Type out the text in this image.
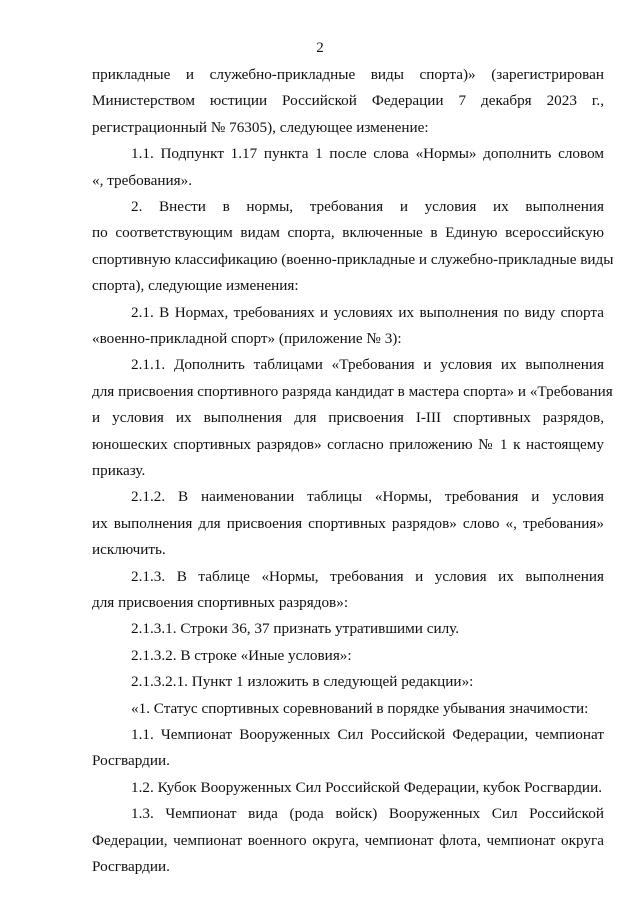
2
прикладные и служебно-прикладные виды спорта)» (зарегистрирован
Министерством юстиции Российской Федерации 7 декабря 2023 г.,
регистрационный № 76305), следующее изменение:
1.1. Подпункт 1.17 пункта 1 после слова «Нормы» дополнить словом
«, требования».
2. Внести в нормы, требования и условия их выполнения
по соответствующим видам спорта, включенные в Единую всероссийскую
спортивную классификацию (военно-прикладные и служебно-прикладные виды
спорта), следующие изменения:
2.1. В Нормах, требованиях и условиях их выполнения по виду спорта
«военно-прикладной спорт» (приложение № 3):
2.1.1. Дополнить таблицами «Требования и условия их выполнения
для присвоения спортивного разряда кандидат в мастера спорта» и «Требования
и условия их выполнения для присвоения I-III спортивных разрядов,
юношеских спортивных разрядов» согласно приложению № 1 к настоящему
приказу.
2.1.2. В наименовании таблицы «Нормы, требования и условия
их выполнения для присвоения спортивных разрядов» слово «, требования»
исключить.
2.1.3. В таблице «Нормы, требования и условия их выполнения
для присвоения спортивных разрядов»:
2.1.3.1. Строки 36, 37 признать утратившими силу.
2.1.3.2. В строке «Иные условия»:
2.1.3.2.1. Пункт 1 изложить в следующей редакции»:
«1. Статус спортивных соревнований в порядке убывания значимости:
1.1. Чемпионат Вооруженных Сил Российской Федерации, чемпионат
Росгвардии.
1.2. Кубок Вооруженных Сил Российской Федерации, кубок Росгвардии.
1.3. Чемпионат вида (рода войск) Вооруженных Сил Российской
Федерации, чемпионат военного округа, чемпионат флота, чемпионат округа
Росгвардии.
